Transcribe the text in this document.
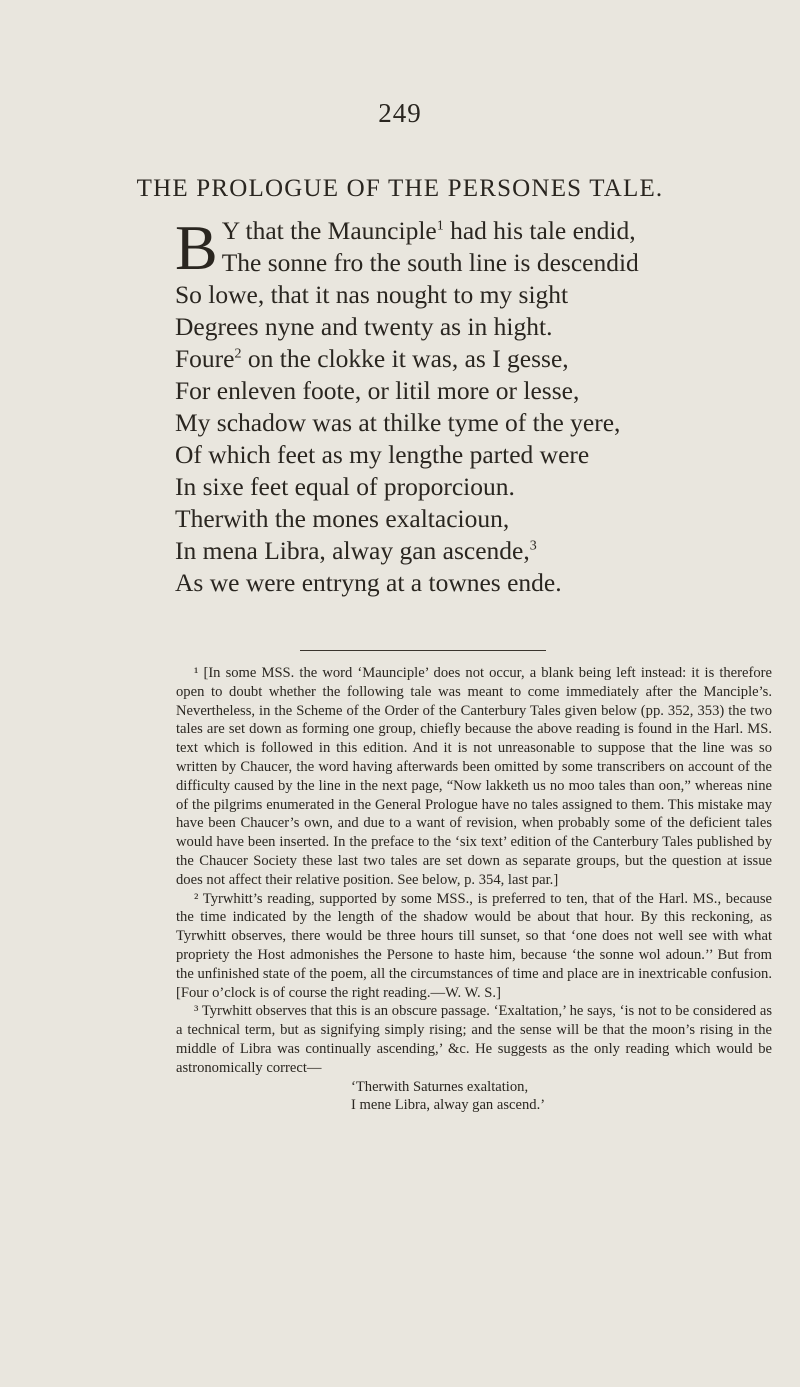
249
THE PROLOGUE OF THE PERSONES TALE.
B Y that the Maunciple$^1$ had his tale endid,
The sonne fro the south line is descendid
So lowe, that it nas nought to my sight
Degrees nyne and twenty as in hight.
Foure$^2$ on the clokke it was, as I gesse,
For enleven foote, or litil more or lesse,
My schadow was at thilke tyme of the yere,
Of which feet as my lengthe parted were
In sixe feet equal of proporcioun.
Therwith the mones exaltacioun,
In mena Libra, alway gan ascende,$^3$
As we were entryng at a townes ende.
¹ [In some MSS. the word ‘Maunciple’ does not occur, a blank being left instead: it is therefore open to doubt whether the following tale was meant to come immediately after the Manciple’s. Nevertheless, in the Scheme of the Order of the Canterbury Tales given below (pp. 352, 353) the two tales are set down as forming one group, chiefly because the above reading is found in the Harl. MS. text which is followed in this edition. And it is not unreasonable to suppose that the line was so written by Chaucer, the word having afterwards been omitted by some transcribers on account of the difficulty caused by the line in the next page, “Now lakketh us no moo tales than oon,” whereas nine of the pilgrims enumerated in the General Prologue have no tales assigned to them. This mistake may have been Chaucer’s own, and due to a want of revision, when probably some of the deficient tales would have been inserted. In the preface to the ‘six text’ edition of the Canterbury Tales published by the Chaucer Society these last two tales are set down as separate groups, but the question at issue does not affect their relative position. See below, p. 354, last par.]
² Tyrwhitt’s reading, supported by some MSS., is preferred to ten, that of the Harl. MS., because the time indicated by the length of the shadow would be about that hour. By this reckoning, as Tyrwhitt observes, there would be three hours till sunset, so that ‘one does not well see with what propriety the Host admonishes the Persone to haste him, because ‘the sonne wol adoun.’’ But from the unfinished state of the poem, all the circumstances of time and place are in inextricable confusion. [Four o’clock is of course the right reading.—W. W. S.]
³ Tyrwhitt observes that this is an obscure passage. ‘Exaltation,’ he says, ‘is not to be considered as a technical term, but as signifying simply rising; and the sense will be that the moon’s rising in the middle of Libra was continually ascending,’ &c. He suggests as the only reading which would be astronomically correct—
‘Therwith Saturnes exaltation,
I mene Libra, alway gan ascend.’
